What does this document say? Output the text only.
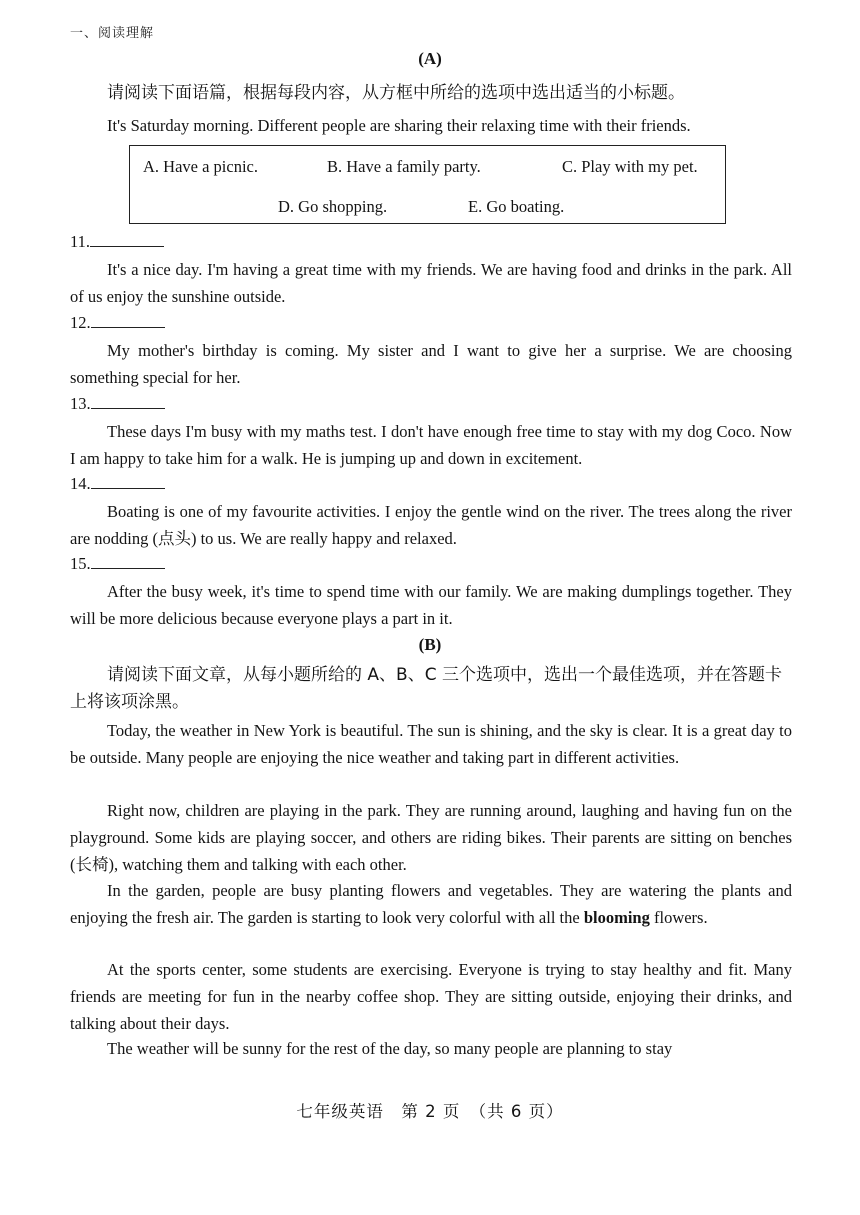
一、阅读理解
(A)
请阅读下面语篇，根据每段内容，从方框中所给的选项中选出适当的小标题。
It's Saturday morning. Different people are sharing their relaxing time with their friends.
A. Have a picnic.	B. Have a family party.	C. Play with my pet.
D. Go shopping.	E. Go boating.
11.

It's a nice day. I'm having a great time with my friends. We are having food and drinks in the park. All of us enjoy the sunshine outside.

12.

My mother's birthday is coming. My sister and I want to give her a surprise. We are choosing something special for her.

13.

These days I'm busy with my maths test. I don't have enough free time to stay with my dog Coco. Now I am happy to take him for a walk. He is jumping up and down in excitement.

14.

Boating is one of my favourite activities. I enjoy the gentle wind on the river. The trees along the river are nodding (点头) to us. We are really happy and relaxed.

15.

After the busy week, it's time to spend time with our family. We are making dumplings together. They will be more delicious because everyone plays a part in it.

(B)

请阅读下面文章，从每小题所给的 A、B、C 三个选项中，选出一个最佳选项，并在答题卡上将该项涂黑。

Today, the weather in New York is beautiful. The sun is shining, and the sky is clear. It is a great day to be outside. Many people are enjoying the nice weather and taking part in different activities.

Right now, children are playing in the park. They are running around, laughing and having fun on the playground. Some kids are playing soccer, and others are riding bikes. Their parents are sitting on benches (长椅), watching them and talking with each other.

In the garden, people are busy planting flowers and vegetables. They are watering the plants and enjoying the fresh air. The garden is starting to look very colorful with all the blooming flowers.

At the sports center, some students are exercising. Everyone is trying to stay healthy and fit. Many friends are meeting for fun in the nearby coffee shop. They are sitting outside, enjoying their drinks, and talking about their days.

The weather will be sunny for the rest of the day, so many people are planning to stay

七年级英语　第 2 页　（共 6 页）
